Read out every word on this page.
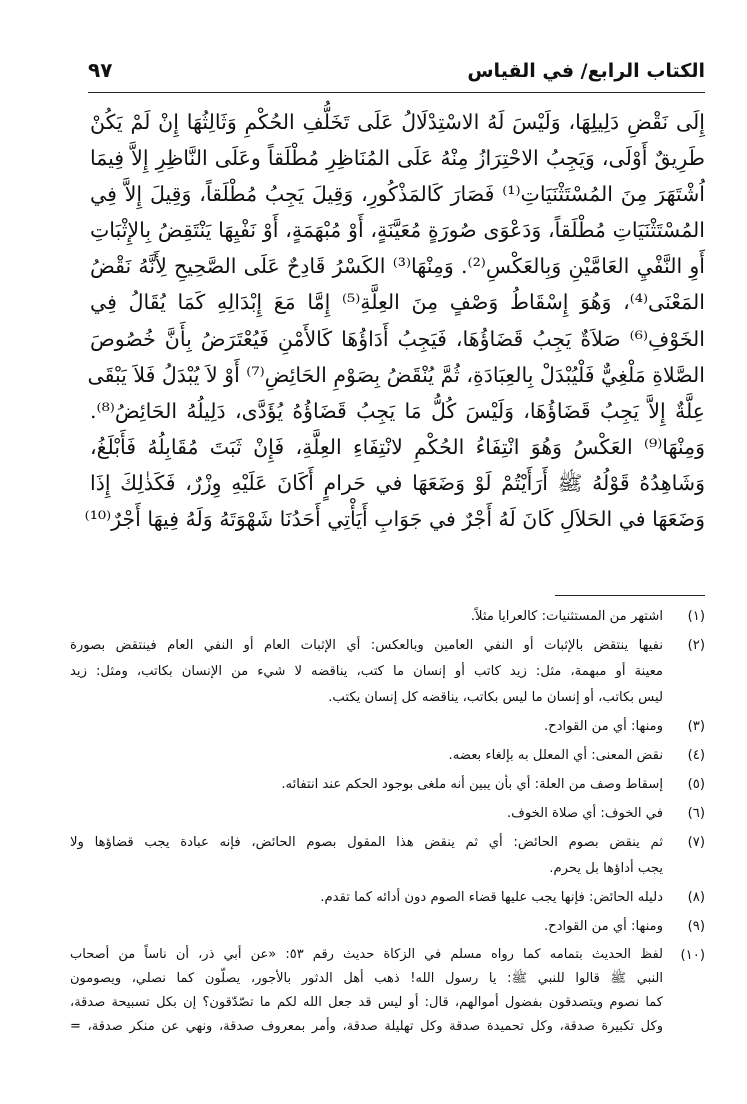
الكتاب الرابع/ في القياس
٩٧
إِلَى نَقْضِ دَلِيلِهَا، وَلَيْسَ لَهُ الاسْتِدْلَالُ عَلَى تَخَلُّفِ الحُكْمِ وَثَالِثُهَا إِنْ لَمْ يَكُنْ
طَرِيقٌ أَوْلَى، وَيَجِبُ الاحْتِرَازُ مِنْهُ عَلَى المُنَاظِرِ مُطْلَقاً وعَلَى النَّاظِرِ إِلاَّ فِيمَا
اُشْتَهَرَ مِنَ المُسْتَثْنَيَاتِ⁽¹⁾ فَصَارَ كَالمَذْكُورِ، وَقِيلَ يَجِبُ مُطْلَقاً، وَقِيلَ إِلاَّ فِي
المُسْتَثْنَيَاتِ مُطْلَقاً، وَدَعْوَى صُورَةٍ مُعَيَّنَةٍ، أَوْ مُبْهَمَةٍ، أَوْ نَفْيِهَا يَنْتَقِضُ بِالإِثْبَاتِ
أَوِ النَّفْيِ العَامَّيْنِ وَبِالعَكْسِ⁽²⁾. وَمِنْهَا⁽³⁾ الكَسْرُ قَادِحٌ عَلَى الصَّحِيحِ لِأَنَّهُ نَقْضُ
المَعْنَى⁽⁴⁾، وَهُوَ إِسْقَاطُ وَصْفٍ مِنَ العِلَّةِ⁽⁵⁾ إِمَّا مَعَ إِبْدَالِهِ كَمَا يُقَالُ فِي
الخَوْفِ⁽⁶⁾ صَلاَةٌ يَجِبُ قَضَاؤُهَا، فَيَجِبُ أَدَاؤُهَا كَالأَمْنِ فَيُعْتَرَضُ بِأَنَّ خُصُوصَ
الصَّلاةِ مَلْغِيٌّ فَلْيُبْدَلْ بِالعِبَادَةِ، ثُمَّ يُنْقَضُ بِصَوْمِ الحَائِضِ⁽⁷⁾ أَوْ لاَ يُبْدَلُ فَلاَ يَبْقَى
عِلَّةٌ إِلاَّ يَجِبُ قَضَاؤُهَا، وَلَيْسَ كُلُّ مَا يَجِبُ قَضَاؤُهُ يُؤَدَّى، دَلِيلُهُ الحَائِضُ⁽⁸⁾.
وَمِنْهَا⁽⁹⁾ العَكْسُ وَهُوَ انْتِفَاءُ الحُكْمِ لانْتِفَاءِ العِلَّةِ، فَإِنْ ثَبَتَ مُقَابِلُهُ فَأَبْلَغُ،
وَشَاهِدُهُ قَوْلُهُ ﷺ أَرَأَيْتُمْ لَوْ وَضَعَهَا في حَرامٍ أَكَانَ عَلَيْهِ وِزْرٌ، فَكَذٰلِكَ إِذَا
وَضَعَهَا في الحَلاَلِ كَانَ لَهُ أَجْرٌ في جَوَابِ أَيَأْتِي أَحَدُنَا شَهْوَتَهُ وَلَهُ فِيهَا أَجْرٌ⁽¹⁰⁾
(١)
اشتهر من المستثنيات: كالعرايا مثلاً.
(٢)
نفيها ينتقض بالإثبات أو النفي العامين وبالعكس: أي الإثبات العام أو النفي العام فينتقض بصورة
معينة أو مبهمة، مثل: زيد كاتب أو إنسان ما كتب، يناقضه لا شيء من الإنسان بكاتب، ومثل: زيد
ليس بكاتب، أو إنسان ما ليس بكاتب، يناقضه كل إنسان يكتب.
(٣)
ومنها: أي من القوادح.
(٤)
نقض المعنى: أي المعلل به بإلغاء بعضه.
(٥)
إسقاط وصف من العلة: أي بأن يبين أنه ملغى بوجود الحكم عند انتفائه.
(٦)
في الخوف: أي صلاة الخوف.
(٧)
ثم ينقض بصوم الحائض: أي ثم ينقض هذا المقول بصوم الحائض، فإنه عبادة يجب قضاؤها ولا
يجب أداؤها بل يحرم.
(٨)
دليله الحائض: فإنها يجب عليها قضاء الصوم دون أدائه كما تقدم.
(٩)
ومنها: أي من القوادح.
(١٠)
لفظ الحديث بتمامه كما رواه مسلم في الزكاة حديث رقم ٥٣: «عن أبي ذر، أن ناساً من أصحاب
النبي ﷺ قالوا للنبي ﷺ: يا رسول الله! ذهب أهل الدثور بالأجور، يصلّون كما نصلي، ويصومون
كما نصوم ويتصدقون بفضول أموالهم، قال: أو ليس قد جعل الله لكم ما تصّدّقون؟ إن بكل تسبيحة صدقة،
وكل تكبيرة صدقة، وكل تحميدة صدقة وكل تهليلة صدقة، وأمر بمعروف صدقة، ونهي عن منكر صدقة، =
